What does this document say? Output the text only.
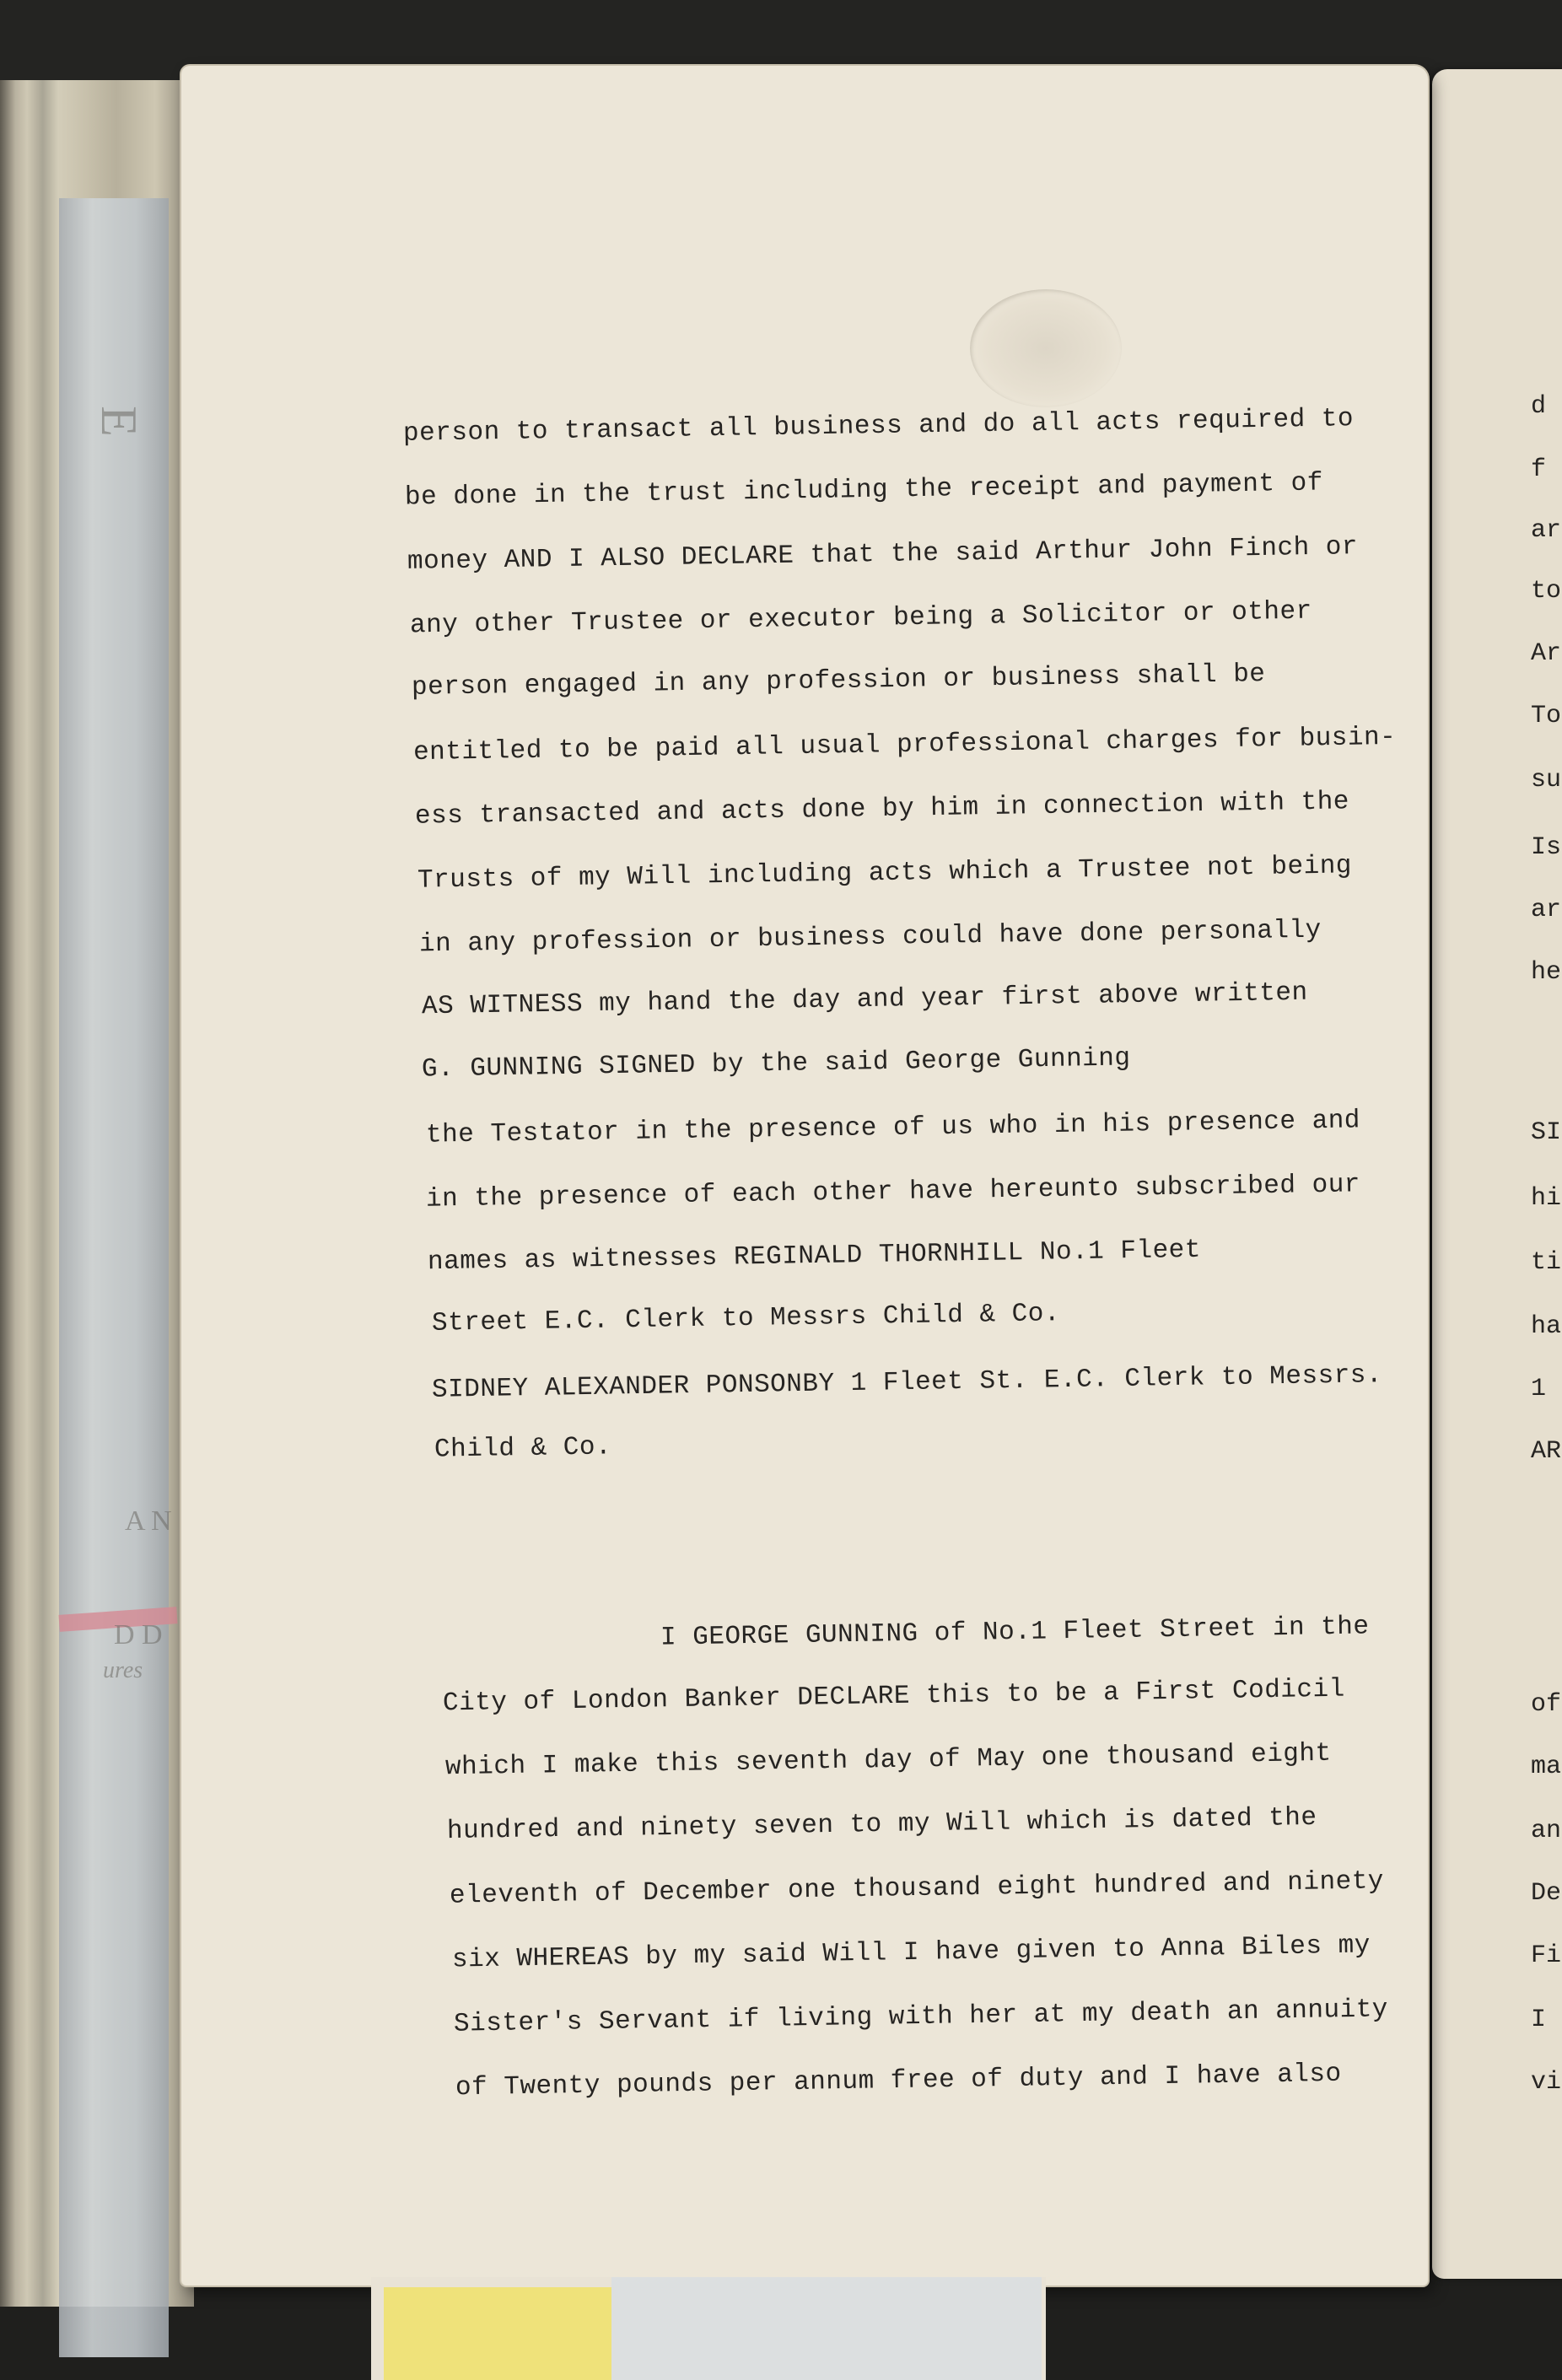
E
A N
D D
ures
person to transact all business and do all acts required to
be done in the trust including the receipt and payment of
money AND I ALSO DECLARE that the said Arthur John Finch or
any other Trustee or executor being a Solicitor or other
person engaged in any profession or business shall be
entitled to be paid all usual professional charges for busin-
ess transacted and acts done by him in connection with the
Trusts of my Will including acts which a Trustee not being
in any profession or business could have done personally
AS WITNESS my hand the day and year first above written
G. GUNNING SIGNED by the said George Gunning
the Testator in the presence of us who in his presence and
in the presence of each other have hereunto subscribed our
names as witnesses REGINALD THORNHILL No.1 Fleet
Street E.C. Clerk to Messrs Child & Co.
SIDNEY ALEXANDER PONSONBY 1 Fleet St. E.C. Clerk to Messrs.
Child & Co.
I GEORGE GUNNING of No.1 Fleet Street in the
City of London Banker DECLARE this to be a First Codicil
which I make this seventh day of May one thousand eight
hundred and ninety seven to my Will which is dated the
eleventh of December one thousand eight hundred and ninety
six WHEREAS by my said Will I have given to Anna Biles my
Sister's Servant if living with her at my death an annuity
of Twenty pounds per annum free of duty and I have also
d
f
ar
to
Ar
To
su
Is
ar
he
SI
hi
ti
ha
1
AR
of
ma
an
De
Fi
I
vi
